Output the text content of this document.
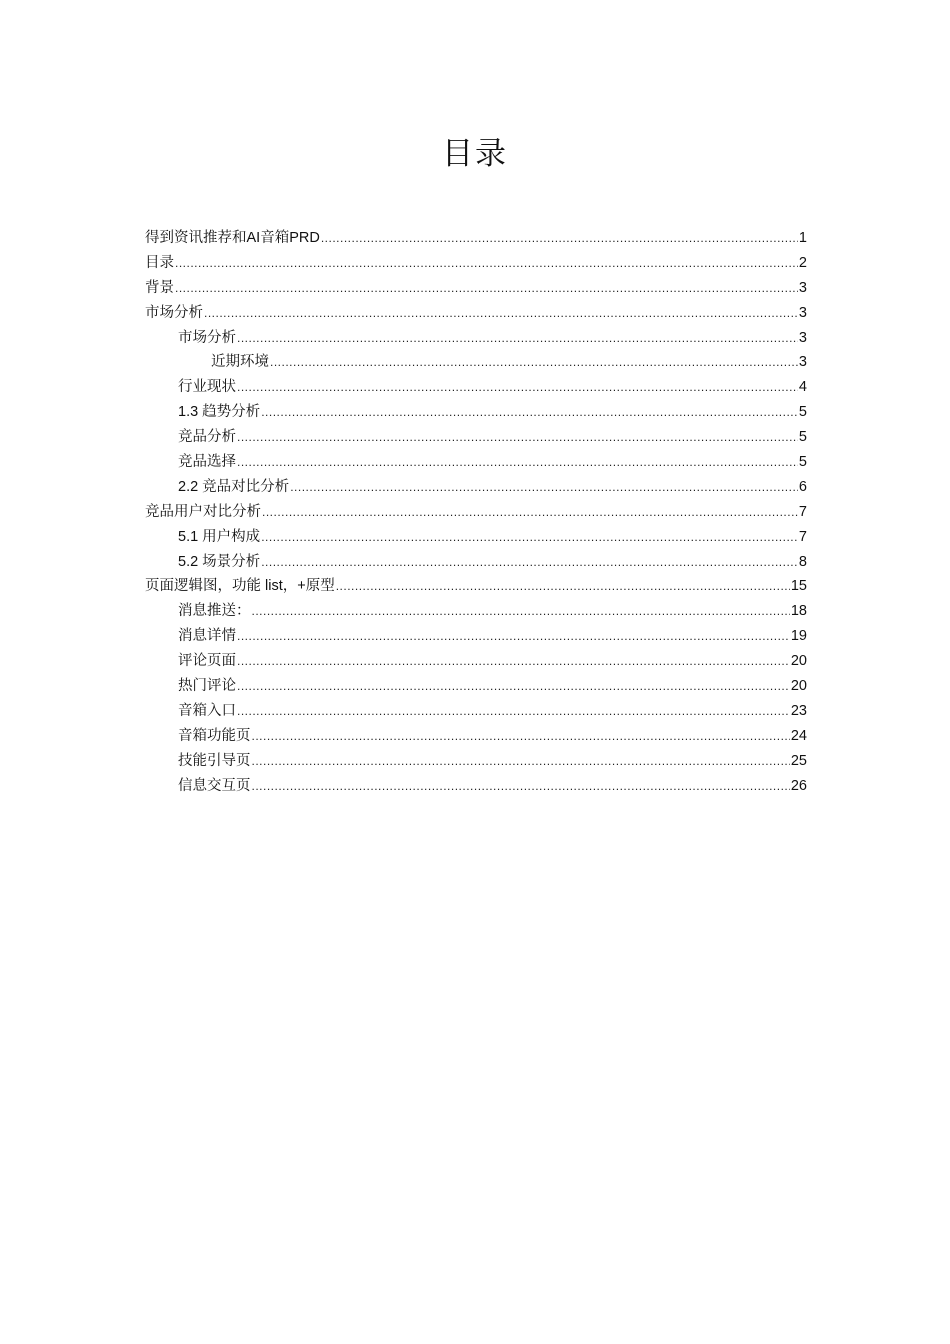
目录
得到资讯推荐和AI音箱PRD .....	1
目录 .....	2
背景 .....	3
市场分析 .....	3
市场分析 .....	3
近期环境 .....	3
行业现状 .....	4
1.3 趋势分析 .....	5
竞品分析 .....	5
竞品选择 .....	5
2.2 竞品对比分析 .....	6
竞品用户对比分析 .....	7
5.1 用户构成 .....	7
5.2 场景分析 .....	8
页面逻辑图，功能 list，+原型 .....	15
消息推送： .....	18
消息详情 .....	19
评论页面 .....	20
热门评论 .....	20
音箱入口 .....	23
音箱功能页 .....	24
技能引导页 .....	25
信息交互页 .....	26
